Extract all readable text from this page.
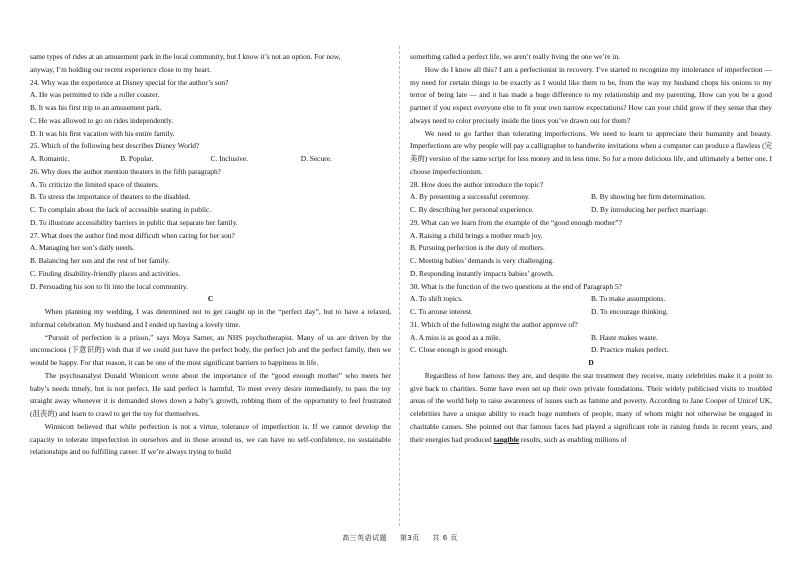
same types of rides at an amusement park in the local community, but I know it’s not an option. For now,

anyway, I’m holding our recent experience close to my heart.

24. Why was the experience at Disney special for the author’s son?
A. He was permitted to ride a roller coaster.
B. It was his first trip to an amusement park.
C. He was allowed to go on rides independently.
D. It was his first vacation with his entire family.
25. Which of the following best describes Disney World?
A. Romantic.	B. Popular.	C. Inclusive.	D. Secure.
26. Why does the author mention theaters in the fifth paragraph?
A. To criticize the limited space of theaters.
B. To stress the importance of theaters to the disabled.
C. To complain about the lack of accessible seating in public.
D. To illustrate accessibility barriers in public that separate her family.
27. What does the author find most difficult when caring for her son?
A. Managing her son’s daily needs.
B. Balancing her son and the rest of her family.
C. Finding disability-friendly places and activities.
D. Persuading his son to fit into the local community.
C

When planning my wedding, I was determined not to get caught up in the “perfect day”, but to have a relaxed, informal celebration. My husband and I ended up having a lovely time.

“Pursuit of perfection is a prison,” says Moya Sarner, an NHS psychotherapist. Many of us are driven by the unconscious (下意识的) wish that if we could just have the perfect body, the perfect job and the perfect family, then we would be happy. For that reason, it can be one of the most significant barriers to happiness in life.

The psychoanalyst Donald Winnicott wrote about the importance of the “good enough mother” who meets her baby’s needs timely, but is not perfect. He said perfect is harmful. To meet every desire immediately, to pass the toy straight away whenever it is demanded slows down a baby’s growth, robbing them of the opportunity to feel frustrated (沮丧的) and learn to crawl to get the toy for themselves.

Winnicott believed that while perfection is not a virtue, tolerance of imperfection is. If we cannot develop the capacity to tolerate imperfection in ourselves and in those around us, we can have no self-confidence, no sustainable relationships and no fulfilling career. If we’re always trying to build

something called a perfect life, we aren’t really living the one we’re in.

How do I know all this? I am a perfectionist in recovery. I’ve started to recognize my intolerance of imperfection — my need for certain things to be exactly as I would like them to be, from the way my husband chops his onions to my terror of being late — and it has made a huge difference to my relationship and my parenting. How can you be a good partner if you expect everyone else to fit your own narrow expectations? How can your child grow if they sense that they always need to color precisely inside the lines you’ve drawn out for them?

We need to go farther than tolerating imperfections. We need to learn to appreciate their humanity and beauty. Imperfections are why people will pay a calligrapher to handwrite invitations when a computer can produce a flawless (完美的) version of the same script for less money and in less time. So for a more delicious life, and ultimately a better one, I choose imperfectionism.

28. How does the author introduce the topic?
A. By presenting a successful ceremony.	B. By showing her firm determination.
C. By describing her personal experience.	D. By introducing her perfect marriage.
29. What can we learn from the example of the “good enough mother”?
A. Raising a child brings a mother much joy.
B. Pursuing perfection is the duty of mothers.
C. Meeting babies’ demands is very challenging.
D. Responding instantly impacts babies’ growth.
30. What is the function of the two questions at the end of Paragraph 5?
A. To shift topics.	B. To make assumptions.
C. To arouse interest.	D. To encourage thinking.
31. Which of the following might the author approve of?
A. A miss is as good as a mile.	B. Haste makes waste.
C. Close enough is good enough.	D. Practice makes perfect.
D

Regardless of how famous they are, and despite the star treatment they receive, many celebrities make it a point to give back to charities. Some have even set up their own private foundations. Their widely publicised visits to troubled areas of the world help to raise awareness of issues such as famine and poverty. According to Jane Cooper of Unicef UK, celebrities have a unique ability to reach huge numbers of people, many of whom might not otherwise be engaged in charitable causes. She pointed out that famous faces had played a significant role in raising funds in recent years, and their energies had produced tangible results, such as enabling millions of

高三英语试题 第3页 共 6 页
